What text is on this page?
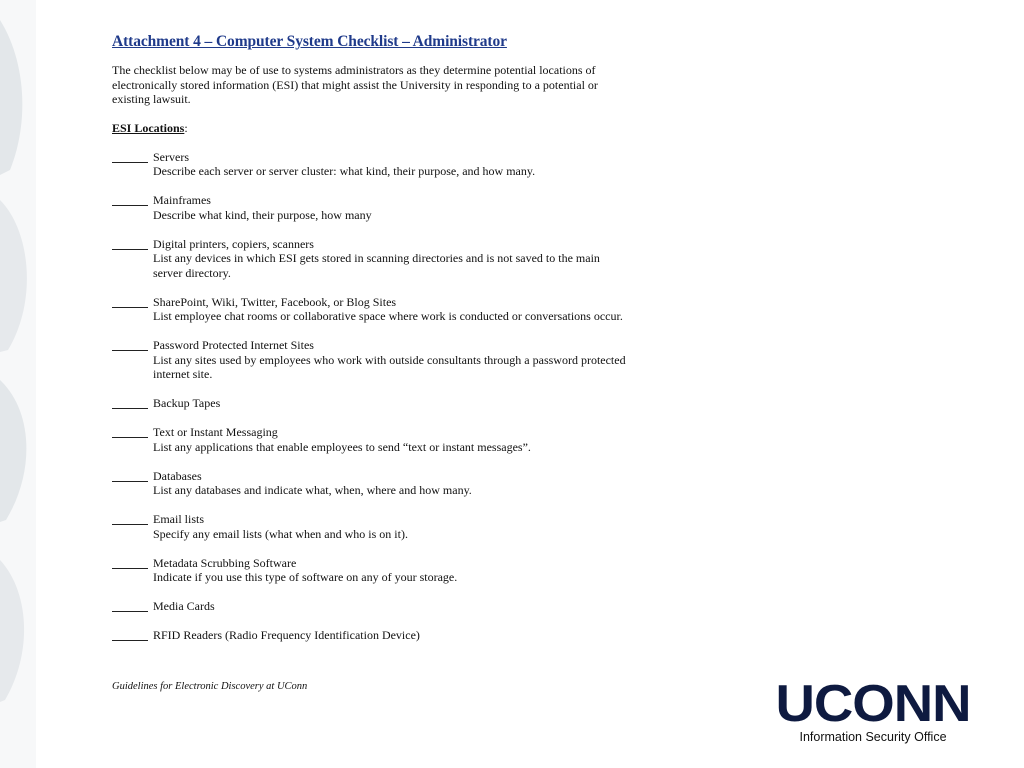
Attachment 4 – Computer System Checklist – Administrator

The checklist below may be of use to systems administrators as they determine potential locations of electronically stored information (ESI) that might assist the University in responding to a potential or existing lawsuit.

ESI Locations:
Servers
Describe each server or server cluster: what kind, their purpose, and how many.
Mainframes
Describe what kind, their purpose, how many
Digital printers, copiers, scanners
List any devices in which ESI gets stored in scanning directories and is not saved to the main server directory.
SharePoint, Wiki, Twitter, Facebook, or Blog Sites
List employee chat rooms or collaborative space where work is conducted or conversations occur.
Password Protected Internet Sites
List any sites used by employees who work with outside consultants through a password protected internet site.
Backup Tapes
Text or Instant Messaging
List any applications that enable employees to send “text or instant messages”.
Databases
List any databases and indicate what, when, where and how many.
Email lists
Specify any email lists (what when and who is on it).
Metadata Scrubbing Software
Indicate if you use this type of software on any of your storage.
Media Cards
RFID Readers (Radio Frequency Identification Device)
Guidelines for Electronic Discovery at UConn	UCONN
Information Security Office
